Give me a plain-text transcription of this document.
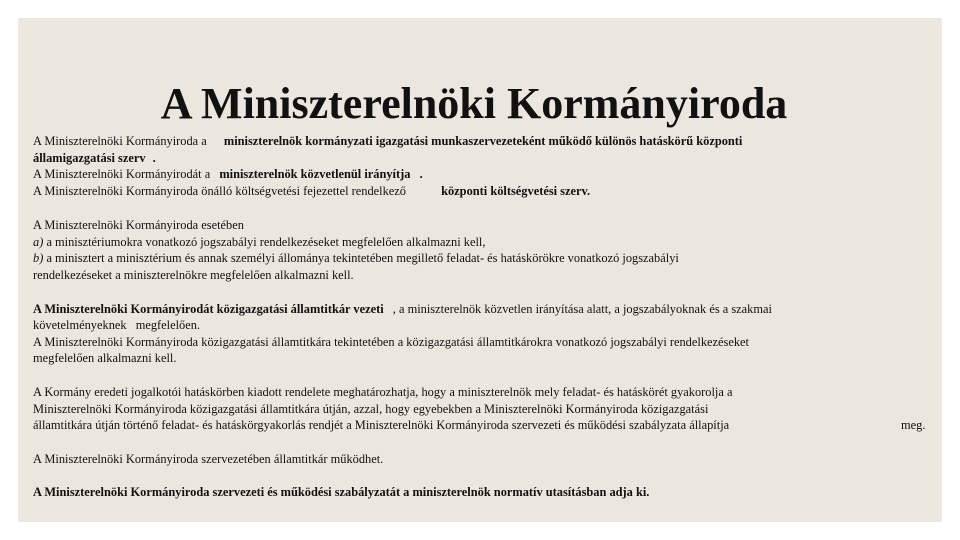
A Miniszterelnöki Kormányiroda
A Miniszterelnöki Kormányiroda a miniszterelnök kormányzati igazgatási munkaszervezeteként működő különös hatáskörű központi
államigazgatási szerv .
A Miniszterelnöki Kormányirodát a miniszterelnök közvetlenül irányítja .
A Miniszterelnöki Kormányiroda önálló költségvetési fejezettel rendelkező	központi költségvetési szerv.
A Miniszterelnöki Kormányiroda esetében
a) a minisztériumokra vonatkozó jogszabályi rendelkezéseket megfelelően alkalmazni kell,
b) a minisztert a minisztérium és annak személyi állománya tekintetében megillető feladat- és hatáskörökre vonatkozó jogszabályi
rendelkezéseket a miniszterelnökre megfelelően alkalmazni kell.
A Miniszterelnöki Kormányirodát közigazgatási államtitkár vezeti , a miniszterelnök közvetlen irányítása alatt, a jogszabályoknak és a szakmai
követelményeknek megfelelően.
A Miniszterelnöki Kormányiroda közigazgatási államtitkára tekintetében a közigazgatási államtitkárokra vonatkozó jogszabályi rendelkezéseket
megfelelően alkalmazni kell.
A Kormány eredeti jogalkotói hatáskörben kiadott rendelete meghatározhatja, hogy a miniszterelnök mely feladat- és hatáskörét gyakorolja a
Miniszterelnöki Kormányiroda közigazgatási államtitkára útján, azzal, hogy egyebekben a Miniszterelnöki Kormányiroda közigazgatási
államtitkára útján történő feladat- és hatáskörgyakorlás rendjét a Miniszterelnöki Kormányiroda szervezeti és működési szabályzata állapítja	meg.
A Miniszterelnöki Kormányiroda szervezetében államtitkár működhet.
A Miniszterelnöki Kormányiroda szervezeti és működési szabályzatát a miniszterelnök normatív utasításban adja ki.
